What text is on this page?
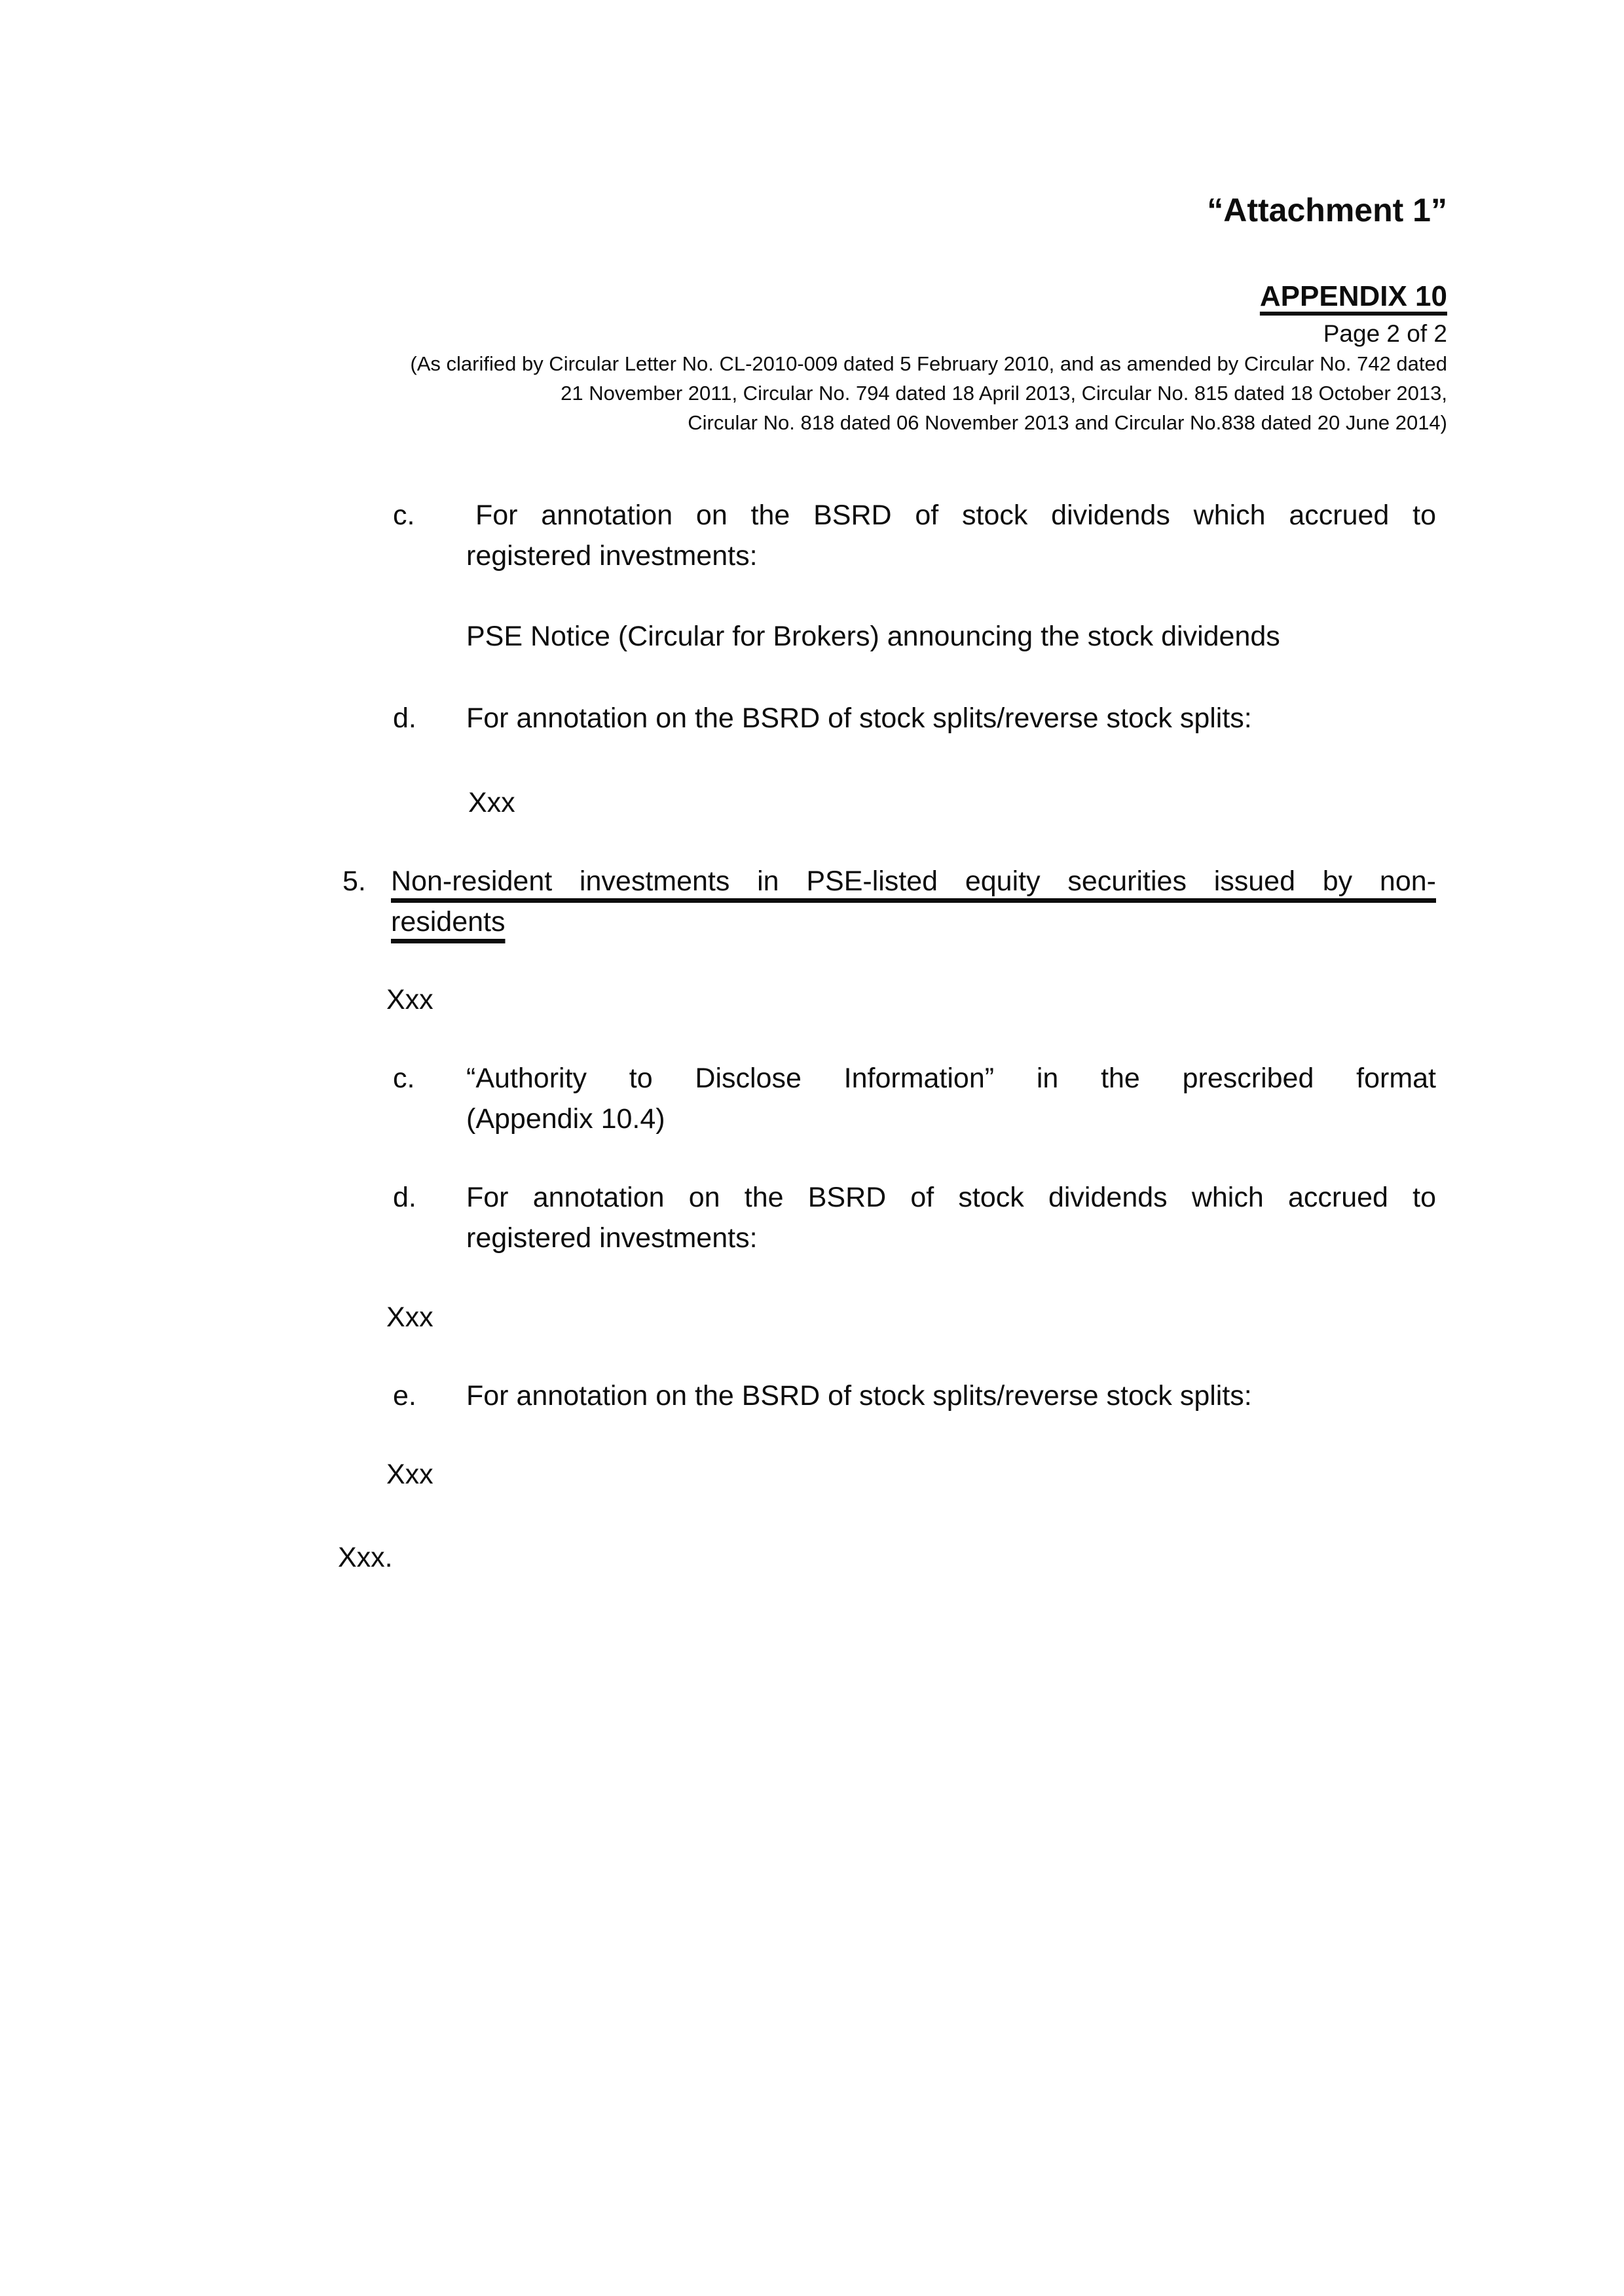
“Attachment 1”
APPENDIX 10
Page 2 of 2
(As clarified by Circular Letter No. CL-2010-009 dated 5 February 2010, and as amended by Circular No. 742 dated
21 November 2011, Circular No. 794 dated 18 April 2013, Circular No. 815 dated 18 October 2013,
Circular No. 818 dated 06 November 2013 and Circular No.838 dated 20 June 2014)
c.	For annotation on the BSRD of stock dividends which accrued to
registered investments:
PSE Notice (Circular for Brokers) announcing the stock dividends
d.	For annotation on the BSRD of stock splits/reverse stock splits:
Xxx
5. Non-resident investments in PSE-listed equity securities issued by non-
residents
Xxx
c.	“Authority to Disclose Information” in the prescribed format
(Appendix 10.4)
d.	For annotation on the BSRD of stock dividends which accrued to
registered investments:
Xxx
e.	For annotation on the BSRD of stock splits/reverse stock splits:
Xxx
Xxx.
